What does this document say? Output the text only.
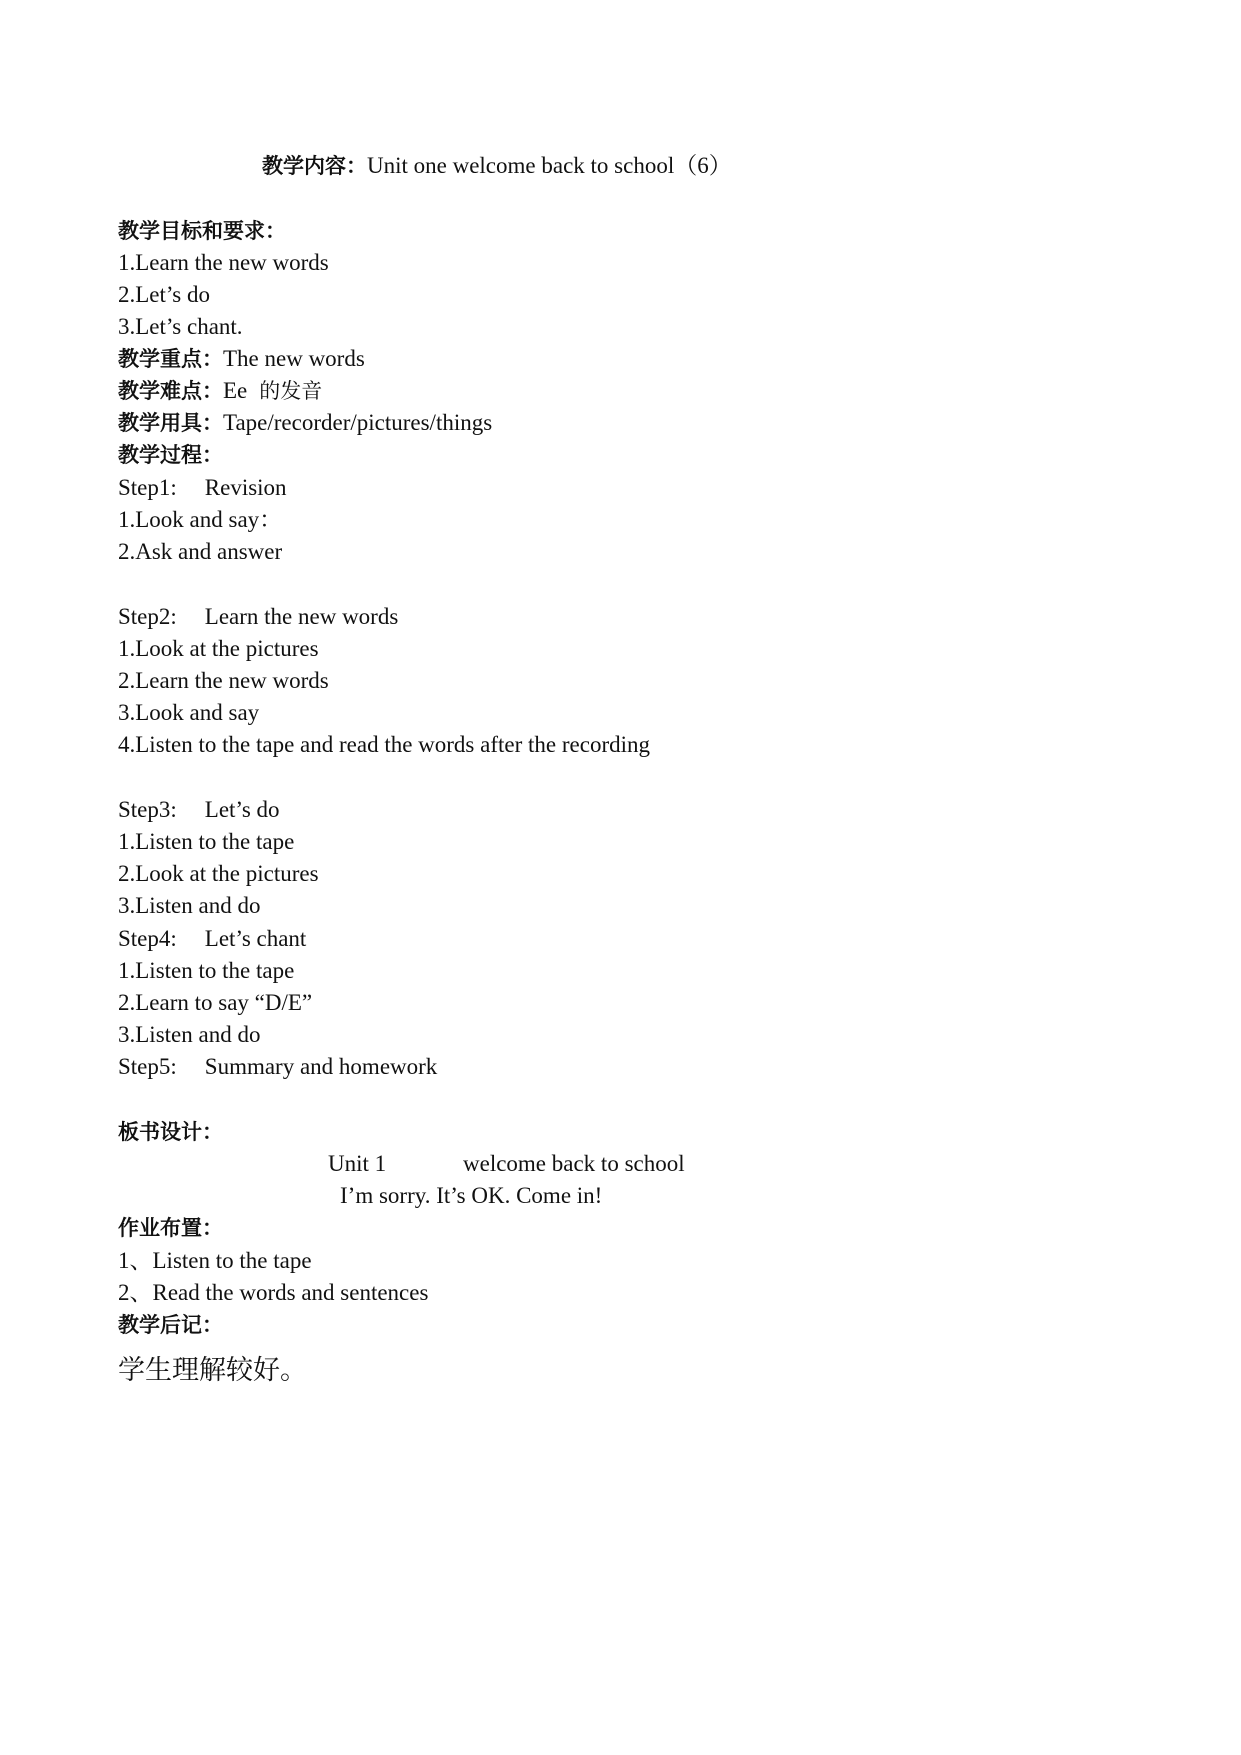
教学内容：Unit one welcome back to school（6）
教学目标和要求：
1.Learn the new words
2.Let’s do
3.Let’s chant.
教学重点：The new words
教学难点：Ee 的发音
教学用具：Tape/recorder/pictures/things
教学过程：
Step1: Revision
1.Look and say：
2.Ask and answer
Step2: Learn the new words
1.Look at the pictures
2.Learn the new words
3.Look and say
4.Listen to the tape and read the words after the recording
Step3: Let’s do
1.Listen to the tape
2.Look at the pictures
3.Listen and do
Step4: Let’s chant
1.Listen to the tape
2.Learn to say “D/E”
3.Listen and do
Step5: Summary and homework
板书设计：
Unit 1	welcome back to school
I’m sorry. It’s OK. Come in!
作业布置：
1、Listen to the tape
2、Read the words and sentences
教学后记：
学生理解较好。
